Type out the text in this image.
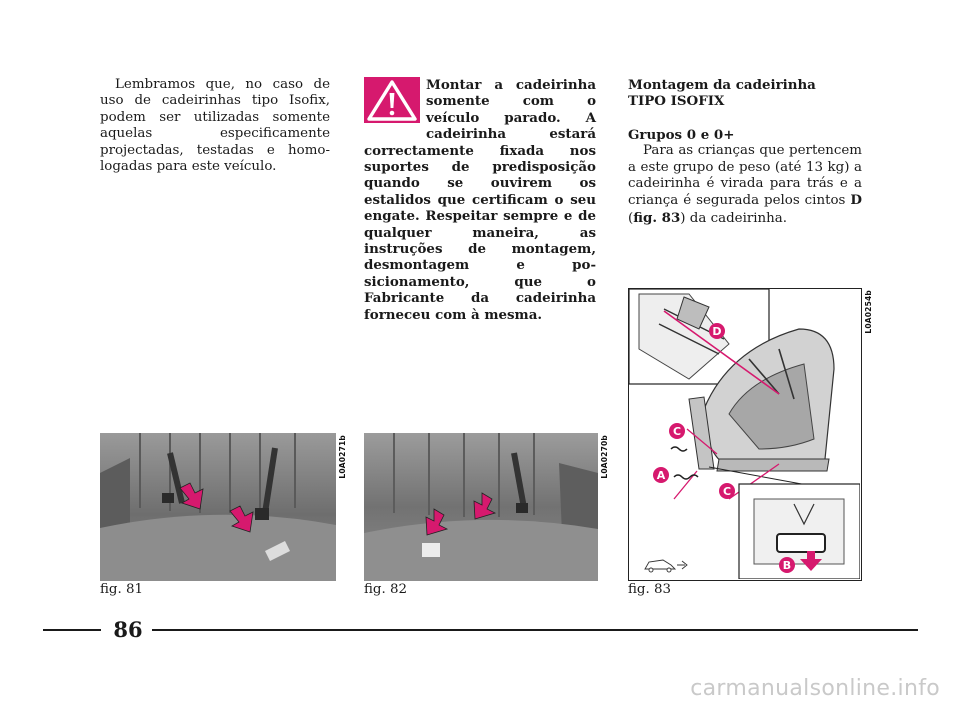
Lembramos que, no caso de uso de cadeirinhas tipo Isofix, podem ser utilizadas somente aquelas especificamente projectadas, testadas e homologadas para este veículo.

Montar a cadeirinha somente com o veículo parado. A cadeirinha estará correctamente fixada nos suportes de predisposição quando se ouvirem os estalidos que certificam o seu engate. Respeitar sempre e de qualquer maneira, as instruções de montagem, desmontagem e posicionamento, que o Fabricante da cadeirinha forneceu com à mesma.

Montagem da cadeirinha
TIPO ISOFIX

Grupos 0 e 0+

Para as crianças que pertencem a este grupo de peso (até 13 kg) a cadeirinha é virada para trás e a criança é segurada pelos cintos D (fig. 83) da cadeirinha.

L0A0271b	L0A0270b
D
C
A
C
B
L0A0254b
fig. 81	fig. 82	fig. 83
86
carmanualsonline.info
